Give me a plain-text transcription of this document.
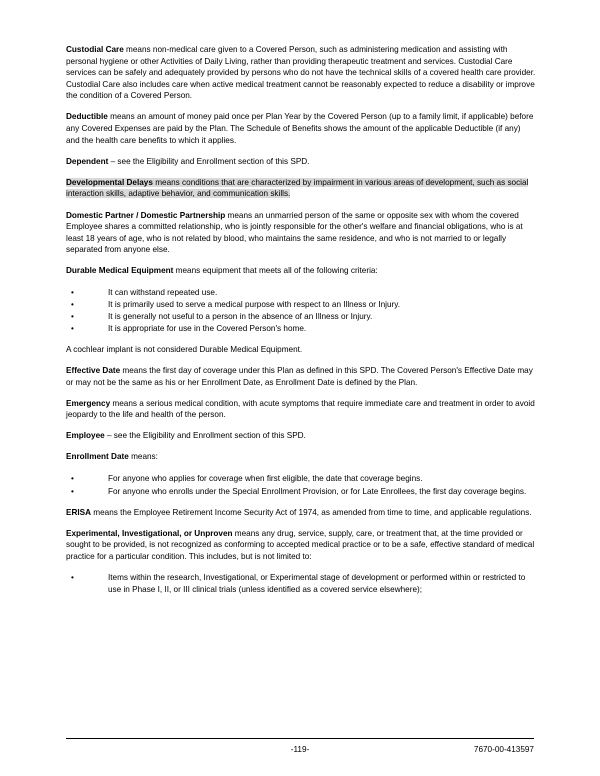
Custodial Care means non-medical care given to a Covered Person, such as administering medication and assisting with personal hygiene or other Activities of Daily Living, rather than providing therapeutic treatment and services. Custodial Care services can be safely and adequately provided by persons who do not have the technical skills of a covered health care provider. Custodial Care also includes care when active medical treatment cannot be reasonably expected to reduce a disability or improve the condition of a Covered Person.

Deductible means an amount of money paid once per Plan Year by the Covered Person (up to a family limit, if applicable) before any Covered Expenses are paid by the Plan. The Schedule of Benefits shows the amount of the applicable Deductible (if any) and the health care benefits to which it applies.

Dependent – see the Eligibility and Enrollment section of this SPD.

Developmental Delays means conditions that are characterized by impairment in various areas of development, such as social interaction skills, adaptive behavior, and communication skills.

Domestic Partner / Domestic Partnership means an unmarried person of the same or opposite sex with whom the covered Employee shares a committed relationship, who is jointly responsible for the other's welfare and financial obligations, who is at least 18 years of age, who is not related by blood, who maintains the same residence, and who is not married to or legally separated from anyone else.

Durable Medical Equipment means equipment that meets all of the following criteria:

•	It can withstand repeated use.
•	It is primarily used to serve a medical purpose with respect to an Illness or Injury.
•	It is generally not useful to a person in the absence of an Illness or Injury.
•	It is appropriate for use in the Covered Person's home.

A cochlear implant is not considered Durable Medical Equipment.

Effective Date means the first day of coverage under this Plan as defined in this SPD. The Covered Person's Effective Date may or may not be the same as his or her Enrollment Date, as Enrollment Date is defined by the Plan.

Emergency means a serious medical condition, with acute symptoms that require immediate care and treatment in order to avoid jeopardy to the life and health of the person.

Employee – see the Eligibility and Enrollment section of this SPD.

Enrollment Date means:

•	For anyone who applies for coverage when first eligible, the date that coverage begins.
•	For anyone who enrolls under the Special Enrollment Provision, or for Late Enrollees, the first day coverage begins.

ERISA means the Employee Retirement Income Security Act of 1974, as amended from time to time, and applicable regulations.

Experimental, Investigational, or Unproven means any drug, service, supply, care, or treatment that, at the time provided or sought to be provided, is not recognized as conforming to accepted medical practice or to be a safe, effective standard of medical practice for a particular condition. This includes, but is not limited to:

•	Items within the research, Investigational, or Experimental stage of development or performed within or restricted to use in Phase I, II, or III clinical trials (unless identified as a covered service elsewhere);
-119-	7670-00-413597
